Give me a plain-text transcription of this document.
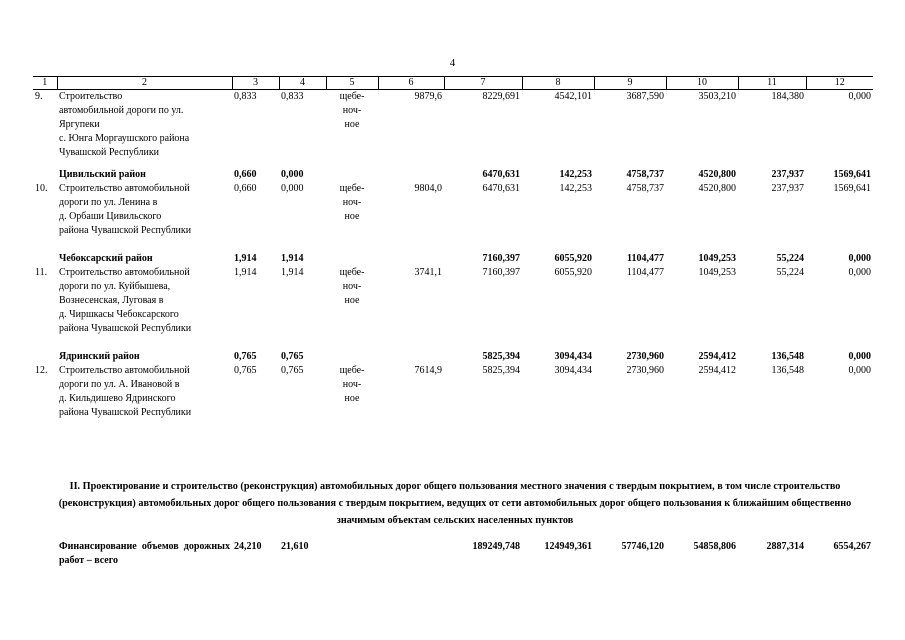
4
1	2	3	4	5	6	7	8	9	10	11	12
9.	Строительство
автомобильной дороги по ул.
Яргупеки
с. Юнга Моргаушского района
Чувашской Республики	0,833	0,833	щебе-
ноч-
ное	9879,6	8229,691	4542,101	3687,590	3503,210	184,380	0,000

	Цивильский район	0,660	0,000			6470,631	142,253	4758,737	4520,800	237,937	1569,641
10.	Строительство автомобильной
дороги по ул. Ленина в
д. Орбаши Цивильского
района Чувашской Республики	0,660	0,000	щебе-
ноч-
ное	9804,0	6470,631	142,253	4758,737	4520,800	237,937	1569,641

	Чебоксарский район	1,914	1,914			7160,397	6055,920	1104,477	1049,253	55,224	0,000
11.	Строительство автомобильной
дороги по ул. Куйбышева,
Вознесенская, Луговая в
д. Чиршкасы Чебоксарского
района Чувашской Республики	1,914	1,914	щебе-
ноч-
ное	3741,1	7160,397	6055,920	1104,477	1049,253	55,224	0,000

	Ядринский район	0,765	0,765			5825,394	3094,434	2730,960	2594,412	136,548	0,000
12.	Строительство автомобильной
дороги по ул. А. Ивановой в
д. Кильдишево Ядринского
района Чувашской Республики	0,765	0,765	щебе-
ноч-
ное	7614,9	5825,394	3094,434	2730,960	2594,412	136,548	0,000
II. Проектирование и строительство (реконструкция) автомобильных дорог общего пользования местного значения с твердым покрытием, в том числе строительство (реконструкция) автомобильных дорог общего пользования с твердым покрытием, ведущих от сети автомобильных дорог общего пользования к ближайшим общественно значимым объектам сельских населенных пунктов
	Финансирование объемов дорожных работ – всего	24,210	21,610			189249,748	124949,361	57746,120	54858,806	2887,314	6554,267
